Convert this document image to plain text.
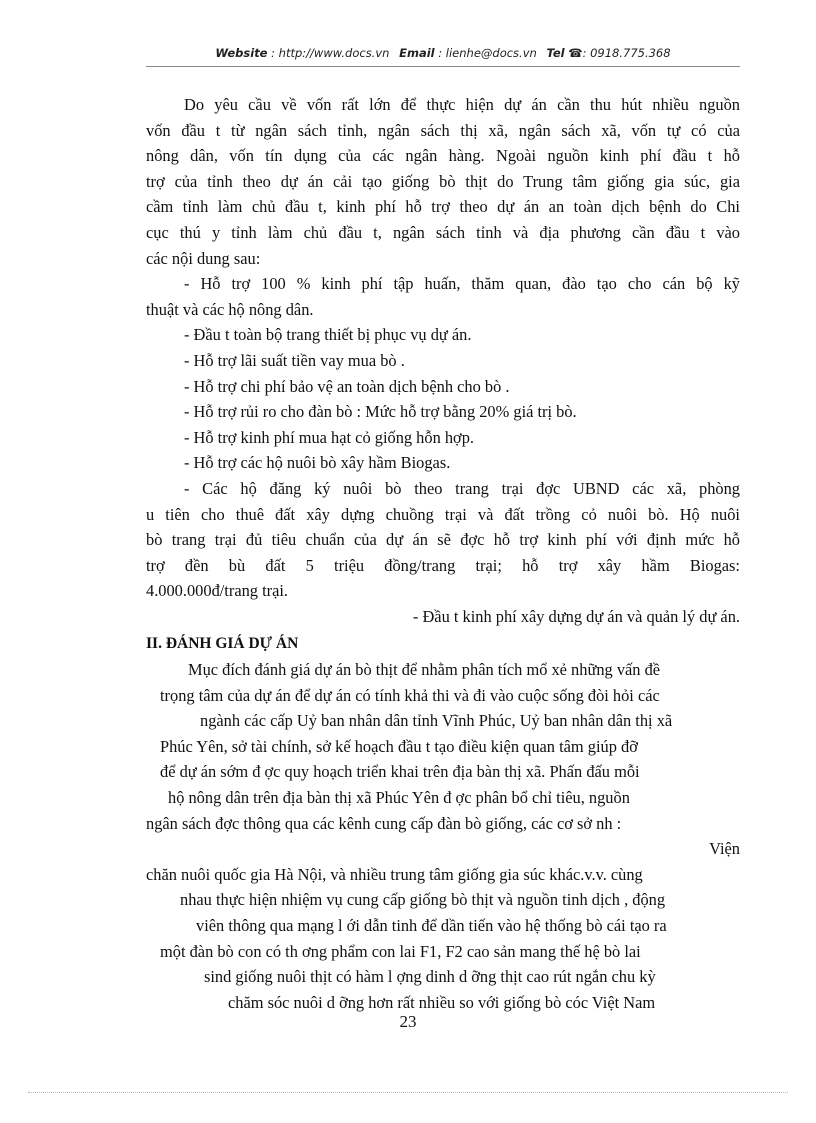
Website : http://www.docs.vn Email : lienhe@docs.vn Tel ☎: 0918.775.368
Do yêu cầu về vốn rất lớn để thực hiện dự án cần thu hút nhiều nguồn
vốn đầu t từ ngân sách tỉnh, ngân sách thị xã, ngân sách xã, vốn tự có của
nông dân, vốn tín dụng của các ngân hàng. Ngoài nguồn kinh phí đầu t hỗ
trợ của tỉnh theo dự án cải tạo giống bò thịt do Trung tâm giống gia súc, gia
cầm tỉnh làm chủ đầu t, kinh phí hỗ trợ theo dự án an toàn dịch bệnh do Chi
cục thú y tỉnh làm chủ đầu t, ngân sách tỉnh và địa phương cần đầu t vào
các nội dung sau:
- Hỗ trợ 100 % kinh phí tập huấn, thăm quan, đào tạo cho cán bộ kỹ
thuật và các hộ nông dân.
- Đầu t toàn bộ trang thiết bị phục vụ dự án.
- Hỗ trợ lãi suất tiền vay mua bò .
- Hỗ trợ chi phí bảo vệ an toàn dịch bệnh cho bò .
- Hỗ trợ rủi ro cho đàn bò : Mức hỗ trợ bằng 20% giá trị bò.
- Hỗ trợ kinh phí mua hạt cỏ giống hỗn hợp.
- Hỗ trợ các hộ nuôi bò xây hầm Biogas.
- Các hộ đăng ký nuôi bò theo trang trại đợc UBND các xã, phòng
u tiên cho thuê đất xây dựng chuồng trại và đất trồng cỏ nuôi bò. Hộ nuôi
bò trang trại đủ tiêu chuẩn của dự án sẽ đợc hỗ trợ kinh phí với định mức hỗ
trợ đền bù đất 5 triệu đồng/trang trại; hỗ trợ xây hầm Biogas:
4.000.000đ/trang trại.
- Đầu t kinh phí xây dựng dự án và quản lý dự án.
II. ĐÁNH GIÁ DỰ ÁN
Mục đích đánh giá dự án bò thịt để nhằm phân tích mổ xẻ những vấn đề
trọng tâm của dự án để dự án có tính khả thi và đi vào cuộc sống đòi hỏi các
ngành các cấp Uỷ ban nhân dân tỉnh Vĩnh Phúc, Uỷ ban nhân dân thị xã
Phúc Yên, sở tài chính, sở kế hoạch đầu t tạo điều kiện quan tâm giúp đỡ
để dự án sớm đ ợc quy hoạch triển khai trên địa bàn thị xã. Phấn đấu mỗi
hộ nông dân trên địa bàn thị xã Phúc Yên đ ợc phân bổ chỉ tiêu, nguồn
ngân sách đợc thông qua các kênh cung cấp đàn bò giống, các cơ sở nh :
Viện
chăn nuôi quốc gia Hà Nội, và nhiều trung tâm giống gia súc khác.v.v. cùng
nhau thực hiện nhiệm vụ cung cấp giống bò thịt và nguồn tinh dịch , động
viên thông qua mạng l ới dẫn tinh để dần tiến vào hệ thống bò cái tạo ra
một đàn bò con có th ơng phẩm con lai F1, F2 cao sản mang thế hệ bò lai
sind giống nuôi thịt có hàm l ợng dinh d ỡng thịt cao rút ngắn chu kỳ
chăm sóc nuôi d ỡng hơn rất nhiều so với giống bò cóc Việt Nam
23
